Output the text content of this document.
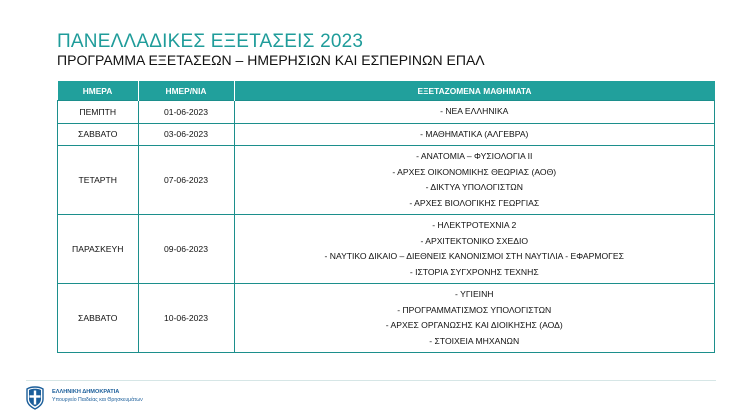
ΠΑΝΕΛΛΑΔΙΚΕΣ ΕΞΕΤΑΣΕΙΣ 2023
ΠΡΟΓΡΑΜΜΑ ΕΞΕΤΑΣΕΩΝ – ΗΜΕΡΗΣΙΩΝ ΚΑΙ ΕΣΠΕΡΙΝΩΝ ΕΠΑΛ
ΗΜΕΡΑ	ΗΜΕΡ/ΝΙΑ	ΕΞΕΤΑΖΟΜΕΝΑ ΜΑΘΗΜΑΤΑ
ΠΕΜΠΤΗ	01-06-2023	- ΝΕΑ ΕΛΛΗΝΙΚΑ

ΣΑΒΒΑΤΟ	03-06-2023	- ΜΑΘΗΜΑΤΙΚΑ (ΑΛΓΕΒΡΑ)

ΤΕΤΑΡΤΗ	07-06-2023	- ΑΝΑΤΟΜΙΑ – ΦΥΣΙΟΛΟΓΙΑ ΙΙ
- ΑΡΧΕΣ ΟΙΚΟΝΟΜΙΚΗΣ ΘΕΩΡΙΑΣ (ΑΟΘ)
- ΔΙΚΤΥΑ ΥΠΟΛΟΓΙΣΤΩΝ
- ΑΡΧΕΣ ΒΙΟΛΟΓΙΚΗΣ ΓΕΩΡΓΙΑΣ

ΠΑΡΑΣΚΕΥΗ	09-06-2023	- ΗΛΕΚΤΡΟΤΕΧΝΙΑ 2
- ΑΡΧΙΤΕΚΤΟΝΙΚΟ ΣΧΕΔΙΟ
- ΝΑΥΤΙΚΟ ΔΙΚΑΙΟ – ΔΙΕΘΝΕΙΣ ΚΑΝΟΝΙΣΜΟΙ ΣΤΗ ΝΑΥΤΙΛΙΑ - ΕΦΑΡΜΟΓΕΣ
- ΙΣΤΟΡΙΑ ΣΥΓΧΡΟΝΗΣ ΤΕΧΝΗΣ

ΣΑΒΒΑΤΟ	10-06-2023	- ΥΓΙΕΙΝΗ
- ΠΡΟΓΡΑΜΜΑΤΙΣΜΟΣ ΥΠΟΛΟΓΙΣΤΩΝ
- ΑΡΧΕΣ ΟΡΓΑΝΩΣΗΣ ΚΑΙ ΔΙΟΙΚΗΣΗΣ (ΑΟΔ)
- ΣΤΟΙΧΕΙΑ ΜΗΧΑΝΩΝ
ΕΛΛΗΝΙΚΗ ΔΗΜΟΚΡΑΤΙΑ
Υπουργείο Παιδείας και Θρησκευμάτων
